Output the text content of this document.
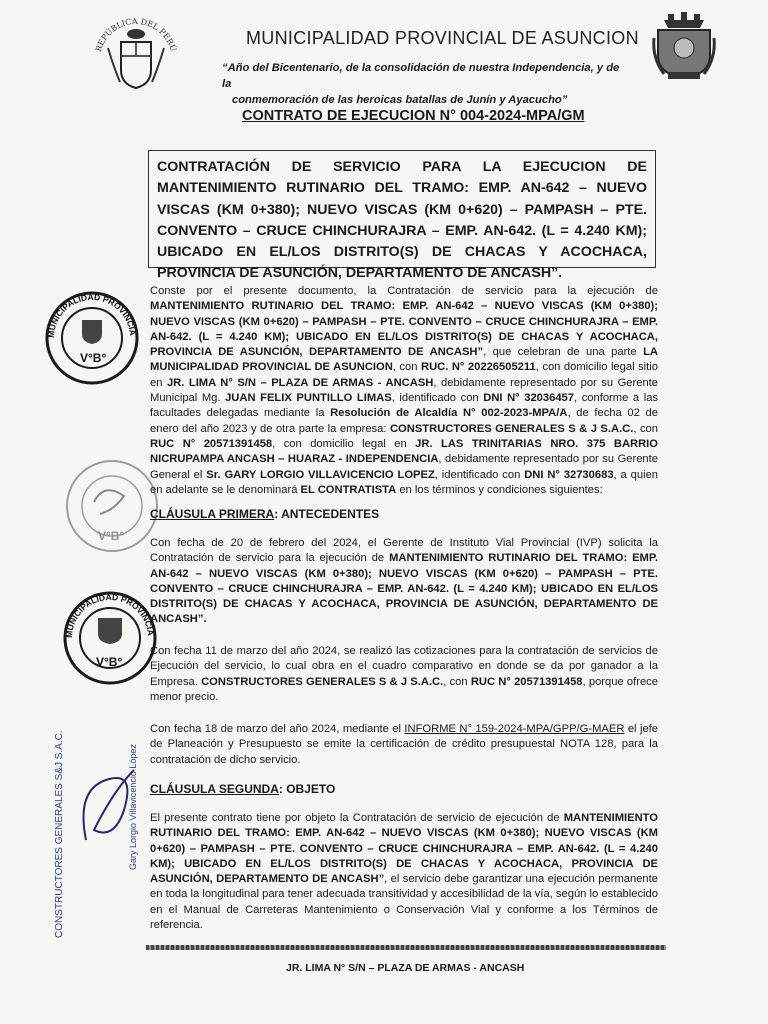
REPÚBLICA DEL PERÚ	MUNICIPALIDAD PROVINCIAL DE ASUNCION
“Año del Bicentenario, de la consolidación de nuestra Independencia, y de la
conmemoración de las heroicas batallas de Junín y Ayacucho”
CONTRATO DE EJECUCION N° 004-2024-MPA/GM
CONTRATACIÓN DE SERVICIO PARA LA EJECUCION DE MANTENIMIENTO RUTINARIO DEL TRAMO: EMP. AN-642 – NUEVO VISCAS (KM 0+380); NUEVO VISCAS (KM 0+620) – PAMPASH – PTE. CONVENTO – CRUCE CHINCHURAJRA – EMP. AN-642. (L = 4.240 KM); UBICADO EN EL/LOS DISTRITO(S) DE CHACAS Y ACOCHACA, PROVINCIA DE ASUNCIÓN, DEPARTAMENTO DE ANCASH”.
MUNICIPALIDAD PROVINCIA
V°B°
V°B°
MUNICIPALIDAD PROVINCIA
V°B°
CONSTRUCTORES GENERALES S&J S.A.C.	Gary Lorgio Villavicencio López
Conste por el presente documento, la Contratación de servicio para la ejecución de MANTENIMIENTO RUTINARIO DEL TRAMO: EMP. AN-642 – NUEVO VISCAS (KM 0+380); NUEVO VISCAS (KM 0+620) – PAMPASH – PTE. CONVENTO – CRUCE CHINCHURAJRA – EMP. AN-642. (L = 4.240 KM); UBICADO EN EL/LOS DISTRITO(S) DE CHACAS Y ACOCHACA, PROVINCIA DE ASUNCIÓN, DEPARTAMENTO DE ANCASH”, que celebran de una parte LA MUNICIPALIDAD PROVINCIAL DE ASUNCION, con RUC. N° 20226505211, con domicilio legal sitio en JR. LIMA N° S/N – PLAZA DE ARMAS - ANCASH, debidamente representado por su Gerente Municipal Mg. JUAN FELIX PUNTILLO LIMAS, identificado con DNI N° 32036457, conforme a las facultades delegadas mediante la Resolución de Alcaldía N° 002-2023-MPA/A, de fecha 02 de enero del año 2023 y de otra parte la empresa: CONSTRUCTORES GENERALES S & J S.A.C., con RUC N° 20571391458, con domicilio legal en JR. LAS TRINITARIAS NRO. 375 BARRIO NICRUPAMPA ANCASH – HUARAZ - INDEPENDENCIA, debidamente representado por su Gerente General el Sr. GARY LORGIO VILLAVICENCIO LOPEZ, identificado con DNI N° 32730683, a quien en adelante se le denominará EL CONTRATISTA en los términos y condiciones siguientes:
CLÁUSULA PRIMERA: ANTECEDENTES
Con fecha de 20 de febrero del 2024, el Gerente de Instituto Vial Provincial (IVP) solicita la Contratación de servicio para la ejecución de MANTENIMIENTO RUTINARIO DEL TRAMO: EMP. AN-642 – NUEVO VISCAS (KM 0+380); NUEVO VISCAS (KM 0+620) – PAMPASH – PTE. CONVENTO – CRUCE CHINCHURAJRA – EMP. AN-642. (L = 4.240 KM); UBICADO EN EL/LOS DISTRITO(S) DE CHACAS Y ACOCHACA, PROVINCIA DE ASUNCIÓN, DEPARTAMENTO DE ANCASH”.
Con fecha 11 de marzo del año 2024, se realizó las cotizaciones para la contratación de servicios de Ejecución del servicio, lo cual obra en el cuadro comparativo en donde se da por ganador a la Empresa. CONSTRUCTORES GENERALES S & J S.A.C., con RUC N° 20571391458, porque ofrece menor precio.
Con fecha 18 de marzo del año 2024, mediante el INFORME N° 159-2024-MPA/GPP/G-MAER el jefe de Planeación y Presupuesto se emite la certificación de crédito presupuestal NOTA 128, para la contratación de dicho servicio.
CLÁUSULA SEGUNDA: OBJETO
El presente contrato tiene por objeto la Contratación de servicio de ejecución de MANTENIMIENTO RUTINARIO DEL TRAMO: EMP. AN-642 – NUEVO VISCAS (KM 0+380); NUEVO VISCAS (KM 0+620) – PAMPASH – PTE. CONVENTO – CRUCE CHINCHURAJRA – EMP. AN-642. (L = 4.240 KM); UBICADO EN EL/LOS DISTRITO(S) DE CHACAS Y ACOCHACA, PROVINCIA DE ASUNCIÓN, DEPARTAMENTO DE ANCASH”, el servicio debe garantizar una ejecución permanente en toda la longitudinal para tener adecuada transitividad y accesibilidad de la vía, según lo establecido en el Manual de Carreteras Mantenimiento o Conservación Vial y conforme a los Términos de referencia.
JR. LIMA N° S/N – PLAZA DE ARMAS - ANCASH
